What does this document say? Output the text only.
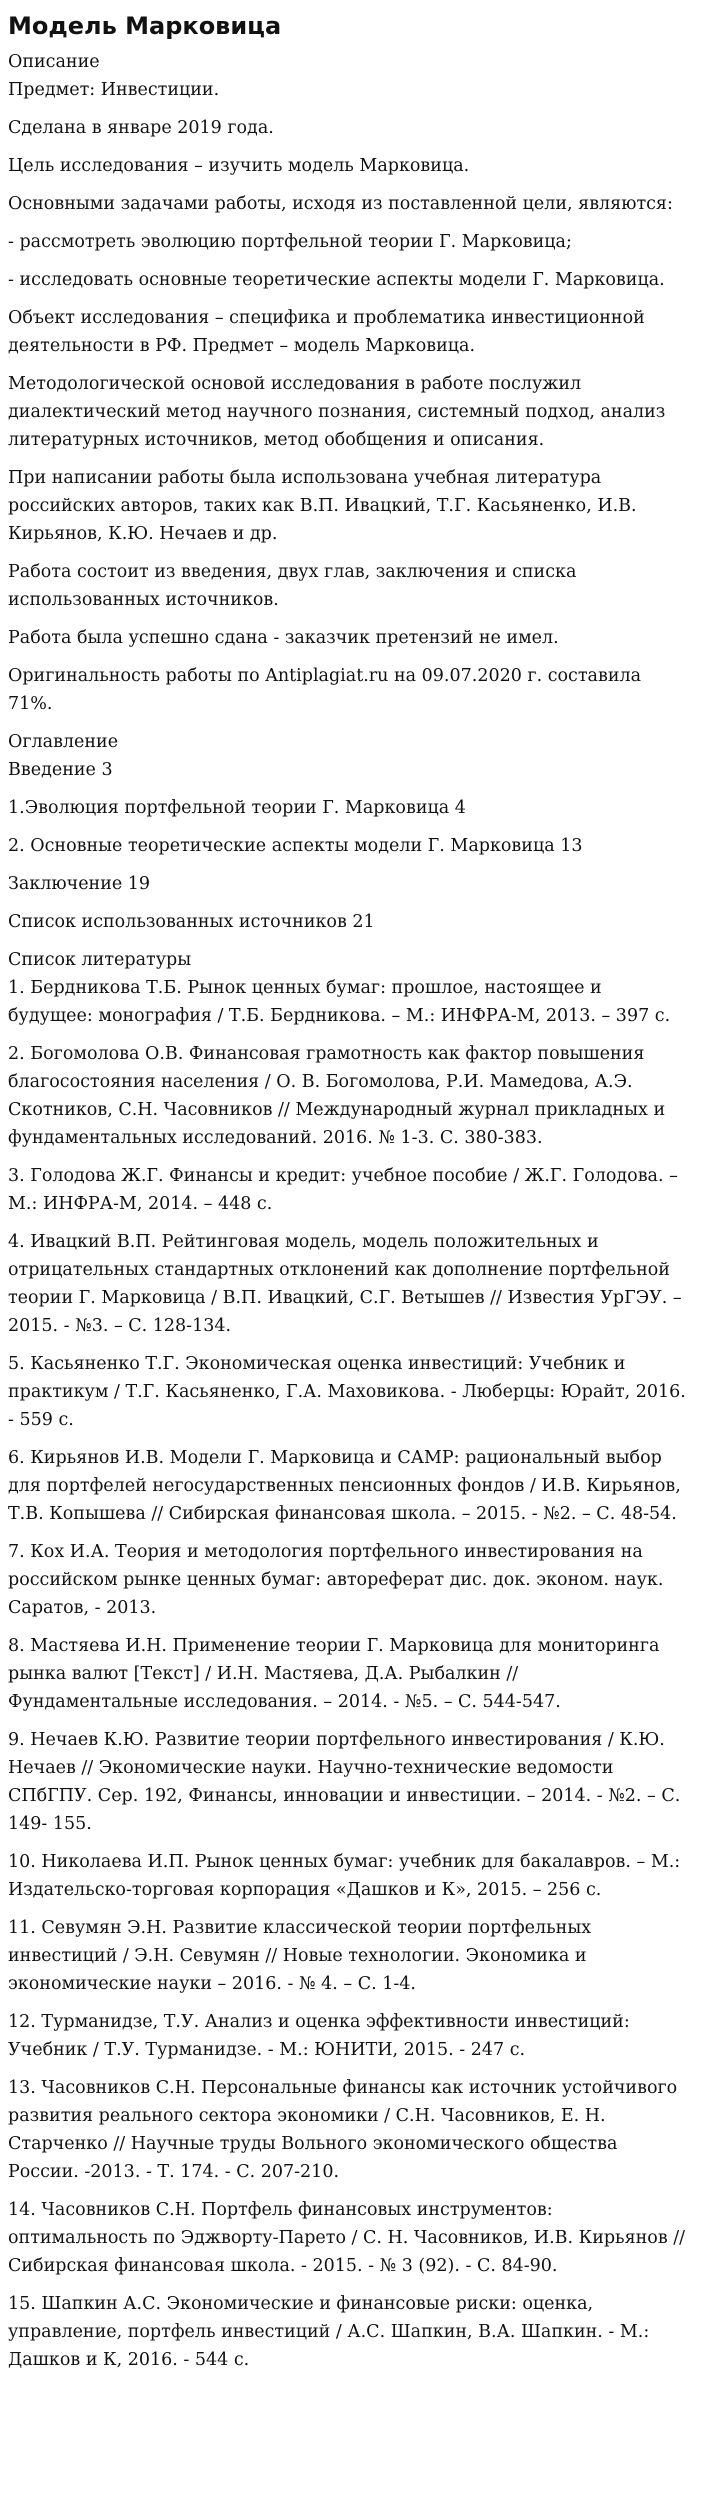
Модель Марковица
Описание
Предмет: Инвестиции.
Сделана в январе 2019 года.
Цель исследования – изучить модель Марковица.
Основными задачами работы, исходя из поставленной цели, являются:
- рассмотреть эволюцию портфельной теории Г. Марковица;
- исследовать основные теоретические аспекты модели Г. Марковица.
Объект исследования – специфика и проблематика инвестиционной деятельности в РФ. Предмет – модель Марковица.
Методологической основой исследования в работе послужил диалектический метод научного познания, системный подход, анализ литературных источников, метод обобщения и описания.
При написании работы была использована учебная литература российских авторов, таких как В.П. Ивацкий, Т.Г. Касьяненко, И.В. Кирьянов, К.Ю. Нечаев и др.
Работа состоит из введения, двух глав, заключения и списка использованных источников.
Работа была успешно сдана - заказчик претензий не имел.
Оригинальность работы по Antiplagiat.ru на 09.07.2020 г. составила 71%.
Оглавление
Введение 3
1.Эволюция портфельной теории Г. Марковица 4
2. Основные теоретические аспекты модели Г. Марковица 13
Заключение 19
Список использованных источников 21
Список литературы
1. Бердникова Т.Б. Рынок ценных бумаг: прошлое, настоящее и будущее: монография / Т.Б. Бердникова. – М.: ИНФРА-М, 2013. – 397 с.
2. Богомолова О.В. Финансовая грамотность как фактор повышения благосостояния населения / О. В. Богомолова, Р.И. Мамедова, А.Э. Скотников, С.Н. Часовников // Международный журнал прикладных и фундаментальных исследований. 2016. № 1-3. С. 380-383.
3. Голодова Ж.Г. Финансы и кредит: учебное пособие / Ж.Г. Голодова. – М.: ИНФРА-М, 2014. – 448 с.
4. Ивацкий В.П. Рейтинговая модель, модель положительных и отрицательных стандартных отклонений как дополнение портфельной теории Г. Марковица / В.П. Ивацкий, С.Г. Ветышев // Известия УрГЭУ. – 2015. - №3. – С. 128-134.
5. Касьяненко Т.Г. Экономическая оценка инвестиций: Учебник и практикум / Т.Г. Касьяненко, Г.А. Маховикова. - Люберцы: Юрайт, 2016. - 559 с.
6. Кирьянов И.В. Модели Г. Марковица и САМР: рациональный выбор для портфелей негосударственных пенсионных фондов / И.В. Кирьянов, Т.В. Копышева // Сибирская финансовая школа. – 2015. - №2. – С. 48-54.
7. Кох И.А. Теория и методология портфельного инвестирования на российском рынке ценных бумаг: автореферат дис. док. эконом. наук. Саратов, - 2013.
8. Мастяева И.Н. Применение теории Г. Марковица для мониторинга рынка валют [Текст] / И.Н. Мастяева, Д.А. Рыбалкин // Фундаментальные исследования. – 2014. - №5. – С. 544-547.
9. Нечаев К.Ю. Развитие теории портфельного инвестирования / К.Ю. Нечаев // Экономические науки. Научно-технические ведомости СПбГПУ. Сер. 192, Финансы, инновации и инвестиции. – 2014. - №2. – С. 149- 155.
10. Николаева И.П. Рынок ценных бумаг: учебник для бакалавров. – М.: Издательско-торговая корпорация «Дашков и К», 2015. – 256 с.
11. Севумян Э.Н. Развитие классической теории портфельных инвестиций / Э.Н. Севумян // Новые технологии. Экономика и экономические науки – 2016. - № 4. – С. 1-4.
12. Турманидзе, Т.У. Анализ и оценка эффективности инвестиций: Учебник / Т.У. Турманидзе. - М.: ЮНИТИ, 2015. - 247 с.
13. Часовников С.Н. Персональные финансы как источник устойчивого развития реального сектора экономики / С.Н. Часовников, Е. Н. Старченко // Научные труды Вольного экономического общества России. -2013. - Т. 174. - С. 207-210.
14. Часовников С.Н. Портфель финансовых инструментов: оптимальность по Эджворту-Парето / С. Н. Часовников, И.В. Кирьянов // Сибирская финансовая школа. - 2015. - № 3 (92). - С. 84-90.
15. Шапкин А.С. Экономические и финансовые риски: оценка, управление, портфель инвестиций / А.С. Шапкин, В.А. Шапкин. - М.: Дашков и К, 2016. - 544 с.
